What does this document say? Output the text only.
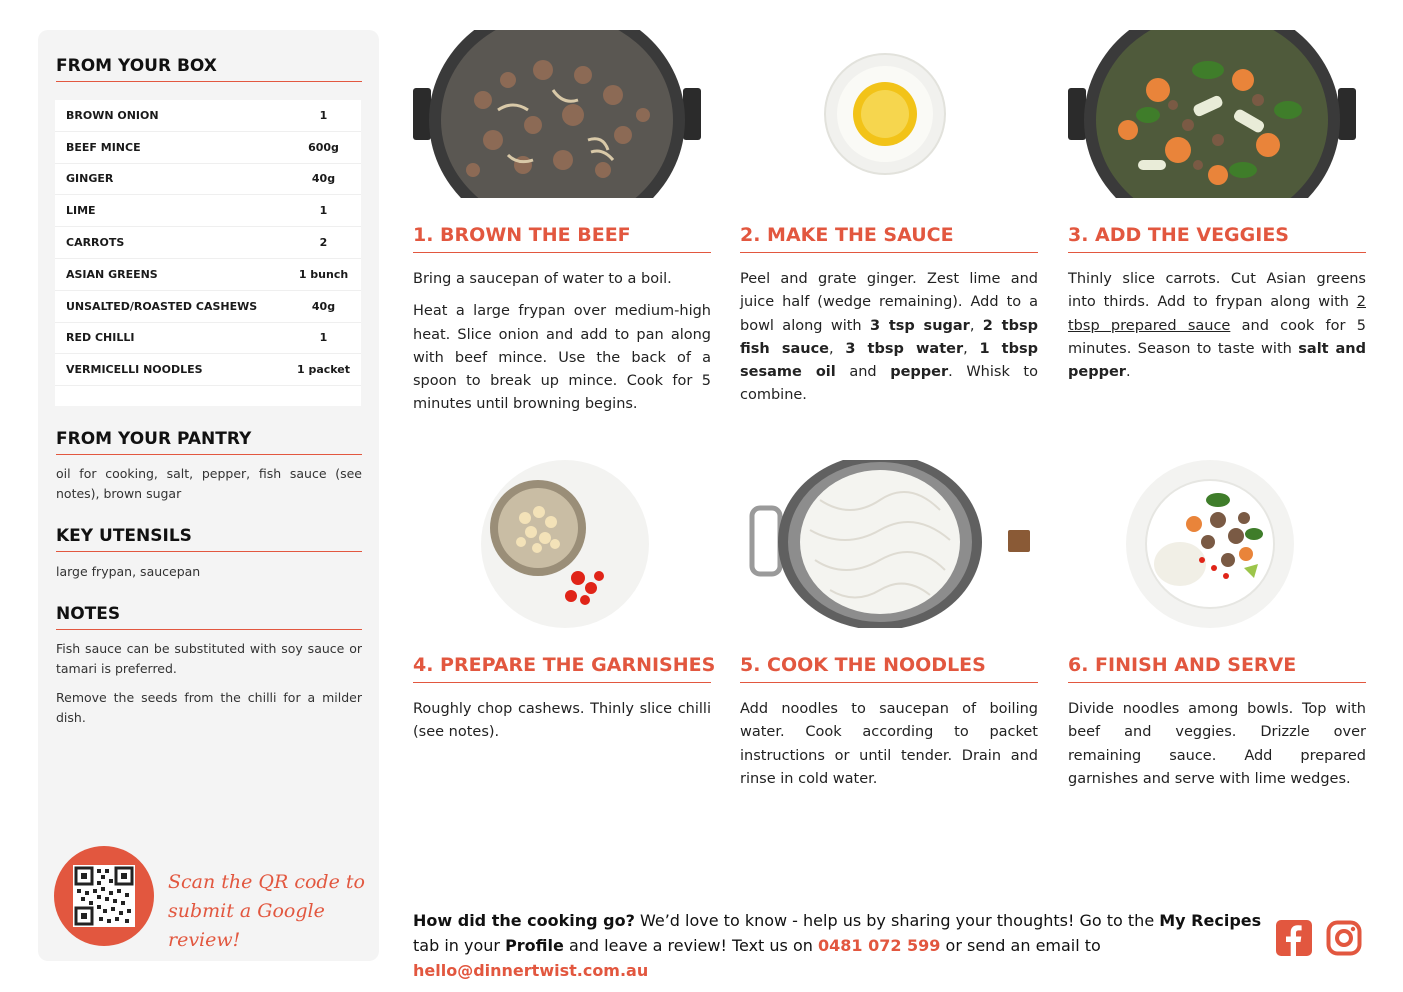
FROM YOUR BOX
BROWN ONION	1
BEEF MINCE	600g
GINGER	40g
LIME	1
CARROTS	2
ASIAN GREENS	1 bunch
UNSALTED/ROASTED CASHEWS	40g
RED CHILLI	1
VERMICELLI NOODLES	1 packet
FROM YOUR PANTRY

oil for cooking, salt, pepper, fish sauce (see notes), brown sugar

KEY UTENSILS

large frypan, saucepan

NOTES

Fish sauce can be substituted with soy sauce or tamari is preferred.

Remove the seeds from the chilli for a milder dish.

Scan the QR code to
submit a Google review!
1. BROWN THE BEEF

Bring a saucepan of water to a boil.

Heat a large frypan over medium-high heat. Slice onion and add to pan along with beef mince. Use the back of a spoon to break up mince. Cook for 5 minutes until browning begins.

2. MAKE THE SAUCE

Peel and grate ginger. Zest lime and juice half (wedge remaining). Add to a bowl along with 3 tsp sugar, 2 tbsp fish sauce, 3 tbsp water, 1 tbsp sesame oil and pepper. Whisk to combine.

3. ADD THE VEGGIES

Thinly slice carrots. Cut Asian greens into thirds. Add to frypan along with 2 tbsp prepared sauce and cook for 5 minutes. Season to taste with salt and pepper.

4. PREPARE THE GARNISHES

Roughly chop cashews. Thinly slice chilli (see notes).

5. COOK THE NOODLES

Add noodles to saucepan of boiling water. Cook according to packet instructions or until tender. Drain and rinse in cold water.

6. FINISH AND SERVE

Divide noodles among bowls. Top with beef and veggies. Drizzle over remaining sauce. Add prepared garnishes and serve with lime wedges.

How did the cooking go? We’d love to know - help us by sharing your thoughts! Go to the My Recipes tab in your Profile and leave a review! Text us on 0481 072 599 or send an email to hello@dinnertwist.com.au
